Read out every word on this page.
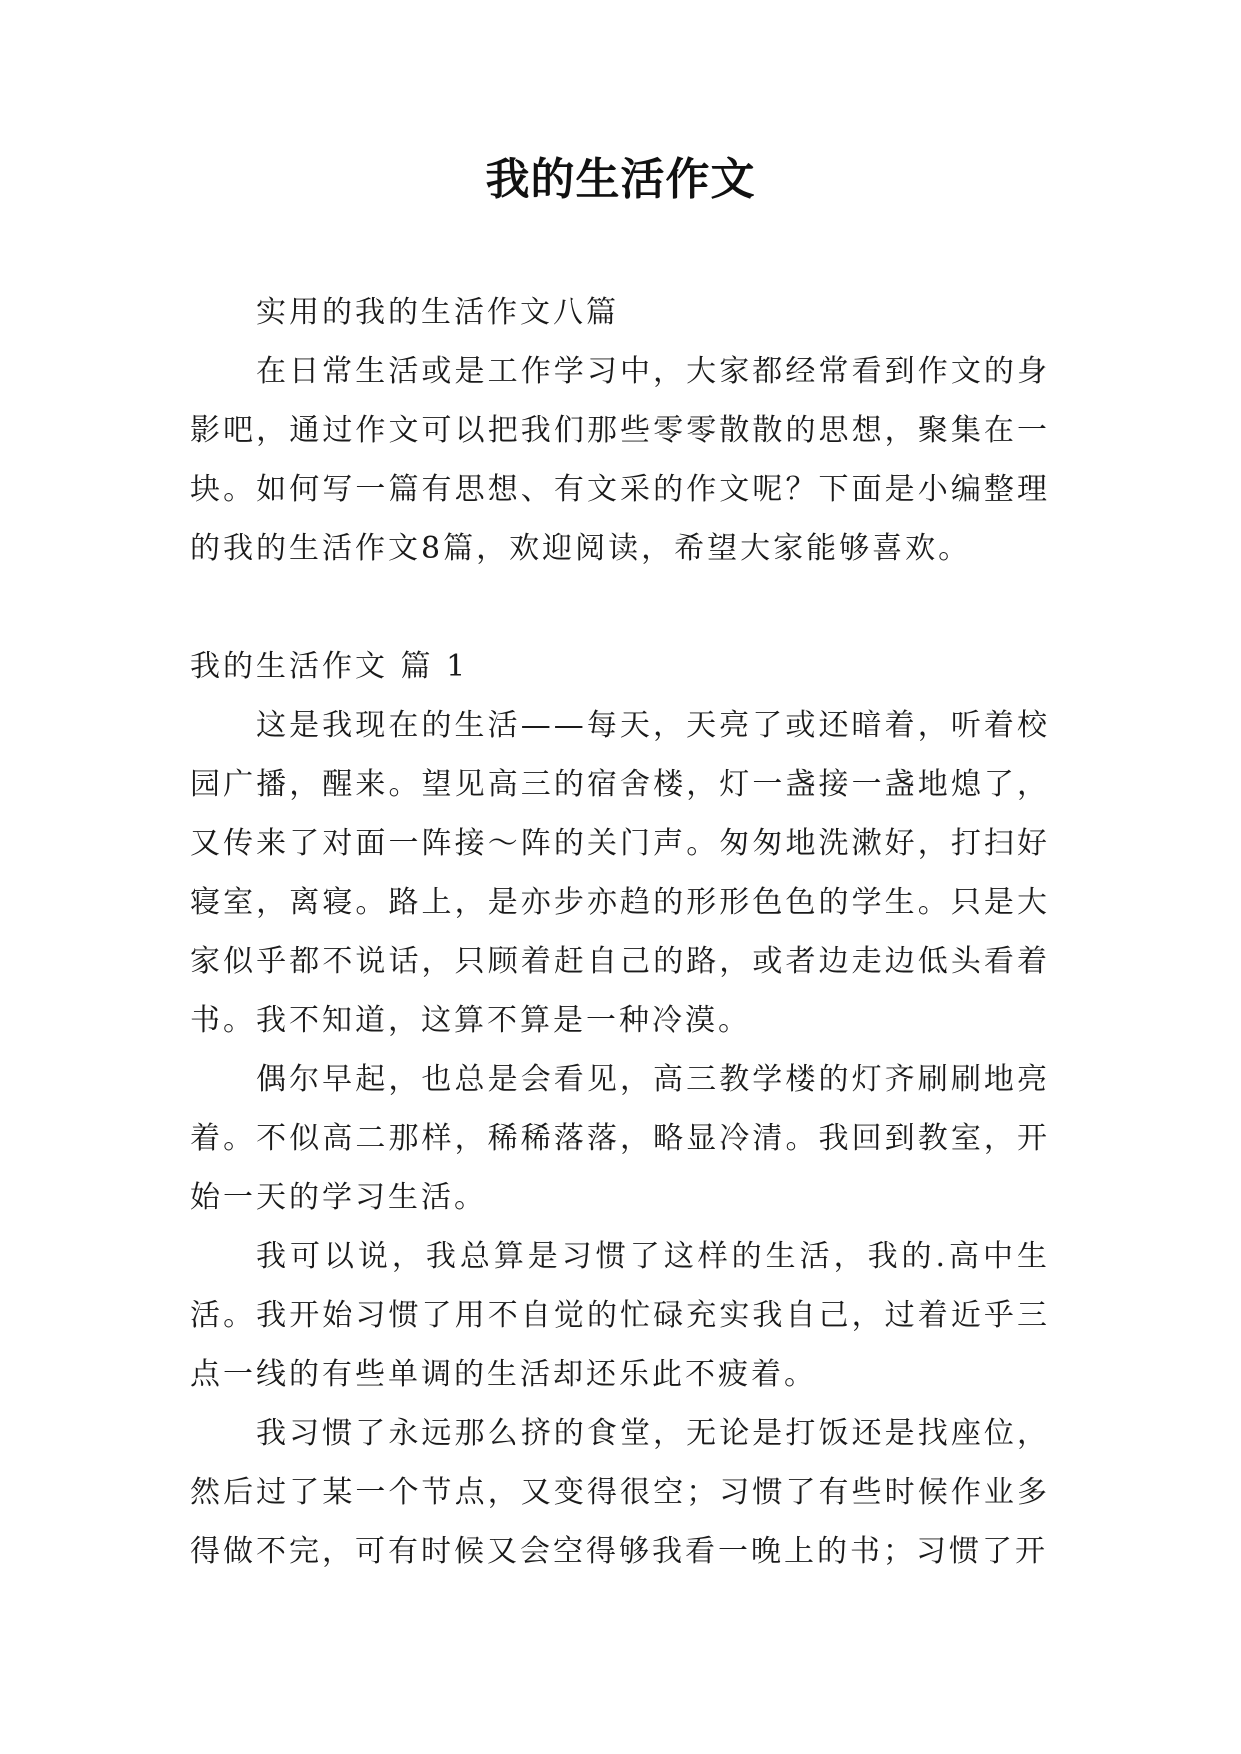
我的生活作文

实用的我的生活作文八篇

在日常生活或是工作学习中，大家都经常看到作文的身影吧，通过作文可以把我们那些零零散散的思想，聚集在一块。如何写一篇有思想、有文采的作文呢？下面是小编整理的我的生活作文8篇，欢迎阅读，希望大家能够喜欢。

我的生活作文 篇 1

这是我现在的生活——每天，天亮了或还暗着，听着校园广播，醒来。望见高三的宿舍楼，灯一盏接一盏地熄了，又传来了对面一阵接～阵的关门声。匆匆地洗漱好，打扫好寝室，离寝。路上，是亦步亦趋的形形色色的学生。只是大家似乎都不说话，只顾着赶自己的路，或者边走边低头看着书。我不知道，这算不算是一种冷漠。

偶尔早起，也总是会看见，高三教学楼的灯齐刷刷地亮着。不似高二那样，稀稀落落，略显冷清。我回到教室，开始一天的学习生活。

我可以说，我总算是习惯了这样的生活，我的.高中生活。我开始习惯了用不自觉的忙碌充实我自己，过着近乎三点一线的有些单调的生活却还乐此不疲着。

我习惯了永远那么挤的食堂，无论是打饭还是找座位，然后过了某一个节点，又变得很空；习惯了有些时候作业多得做不完，可有时候又会空得够我看一晚上的书；习惯了开
